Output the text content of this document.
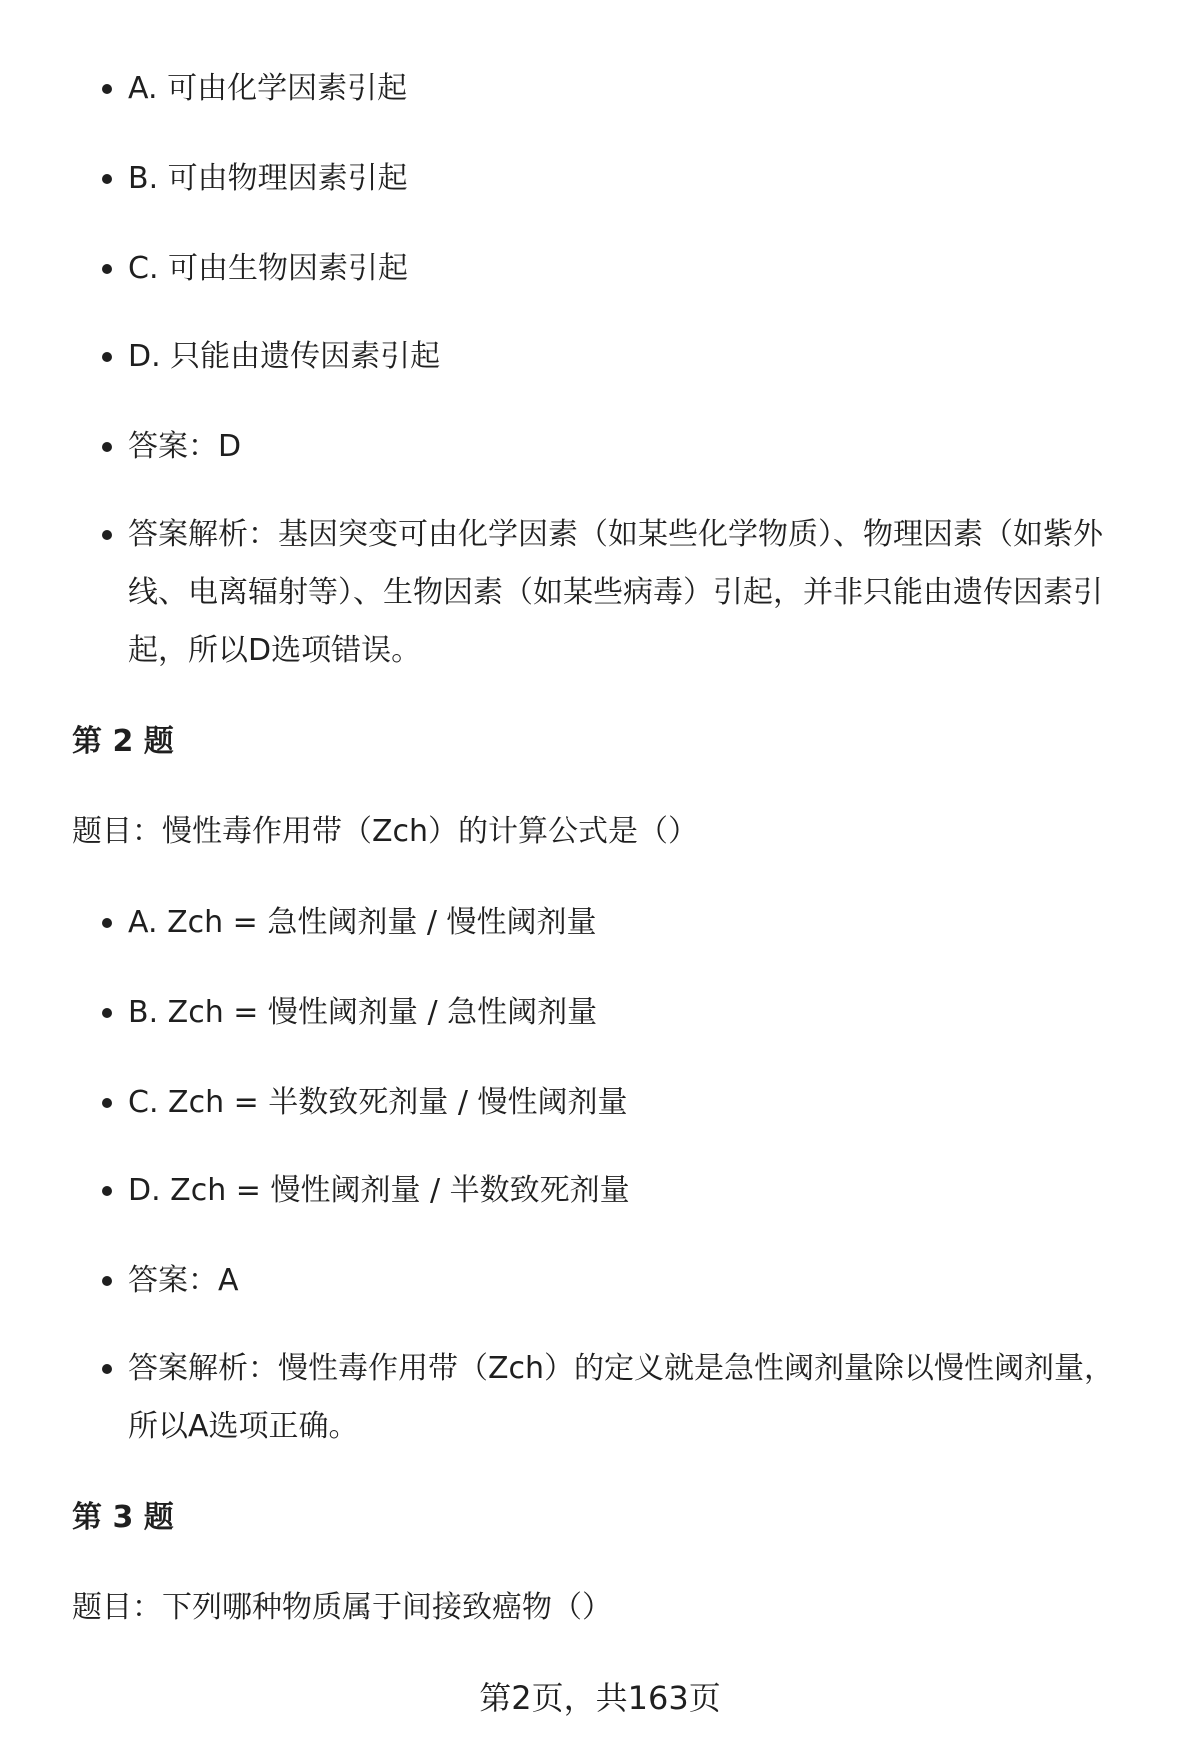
A. 可由化学因素引起
B. 可由物理因素引起
C. 可由生物因素引起
D. 只能由遗传因素引起
答案：D
答案解析：基因突变可由化学因素（如某些化学物质）、物理因素（如紫外线、电离辐射等）、生物因素（如某些病毒）引起，并非只能由遗传因素引起，所以D选项错误。
第 2 题
题目：慢性毒作用带（Zch）的计算公式是（）
A. Zch = 急性阈剂量 / 慢性阈剂量
B. Zch = 慢性阈剂量 / 急性阈剂量
C. Zch = 半数致死剂量 / 慢性阈剂量
D. Zch = 慢性阈剂量 / 半数致死剂量
答案：A
答案解析：慢性毒作用带（Zch）的定义就是急性阈剂量除以慢性阈剂量，所以A选项正确。
第 3 题
题目：下列哪种物质属于间接致癌物（）
第2页，共163页
